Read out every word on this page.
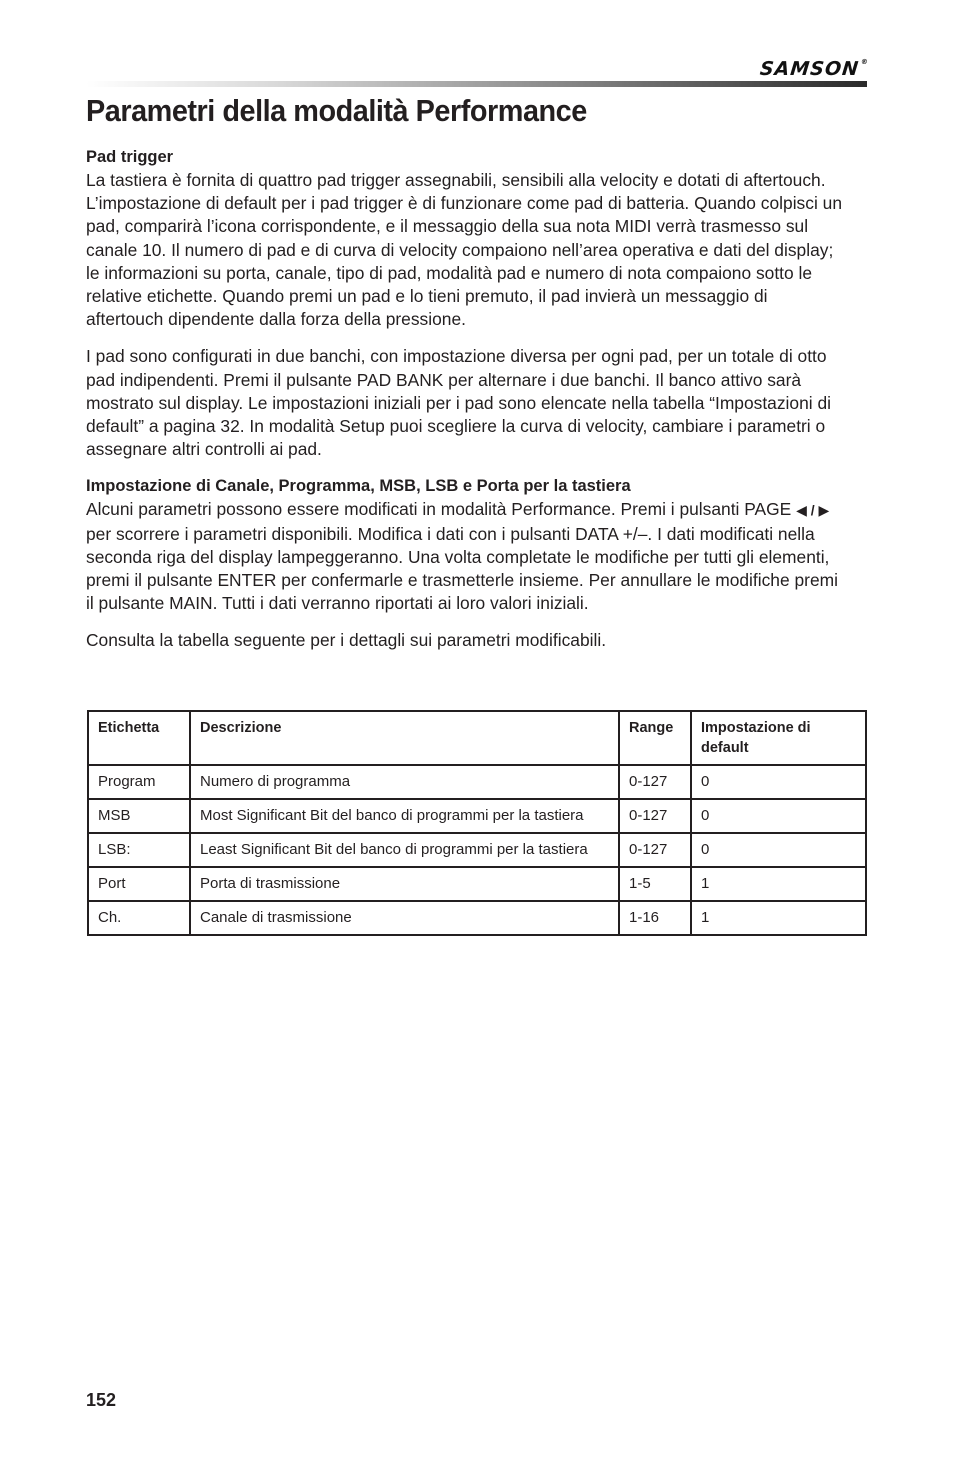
SAMSON®
Parametri della modalità Performance
Pad trigger

La tastiera è fornita di quattro pad trigger assegnabili, sensibili alla velocity e dotati di aftertouch. L’impostazione di default per i pad trigger è di funzionare come pad di batteria. Quando colpisci un pad, comparirà l’icona corrispondente, e il messaggio della sua nota MIDI verrà trasmesso sul canale 10. Il numero di pad e di curva di velocity compaiono nell’area operativa e dati del display; le informazioni su porta, canale, tipo di pad, modalità pad e numero di nota compaiono sotto le relative etichette. Quando premi un pad e lo tieni premuto, il pad invierà un messaggio di aftertouch dipendente dalla forza della pressione.

I pad sono configurati in due banchi, con impostazione diversa per ogni pad, per un totale di otto pad indipendenti. Premi il pulsante PAD BANK per alternare i due banchi. Il banco attivo sarà mostrato sul display. Le impostazioni iniziali per i pad sono elencate nella tabella “Impostazioni di default” a pagina 32. In modalità Setup puoi scegliere la curva di velocity, cambiare i parametri o assegnare altri controlli ai pad.

Impostazione di Canale, Programma, MSB, LSB e Porta per la tastiera

Alcuni parametri possono essere modificati in modalità Performance. Premi i pulsanti PAGE ◀ / ▶ per scorrere i parametri disponibili. Modifica i dati con i pulsanti DATA +/–. I dati modificati nella seconda riga del display lampeggeranno. Una volta completate le modifiche per tutti gli elementi, premi il pulsante ENTER per confermarle e trasmetterle insieme. Per annullare le modifiche premi il pulsante MAIN. Tutti i dati verranno riportati ai loro valori iniziali.

Consulta la tabella seguente per i dettagli sui parametri modificabili.

Etichetta	Descrizione	Range	Impostazione di default
Program	Numero di programma	0-127	0
MSB	Most Significant Bit del banco di programmi per la tastiera	0-127	0
LSB:	Least Significant Bit del banco di programmi per la tastiera	0-127	0
Port	Porta di trasmissione	1-5	1
Ch.	Canale di trasmissione	1-16	1
152
